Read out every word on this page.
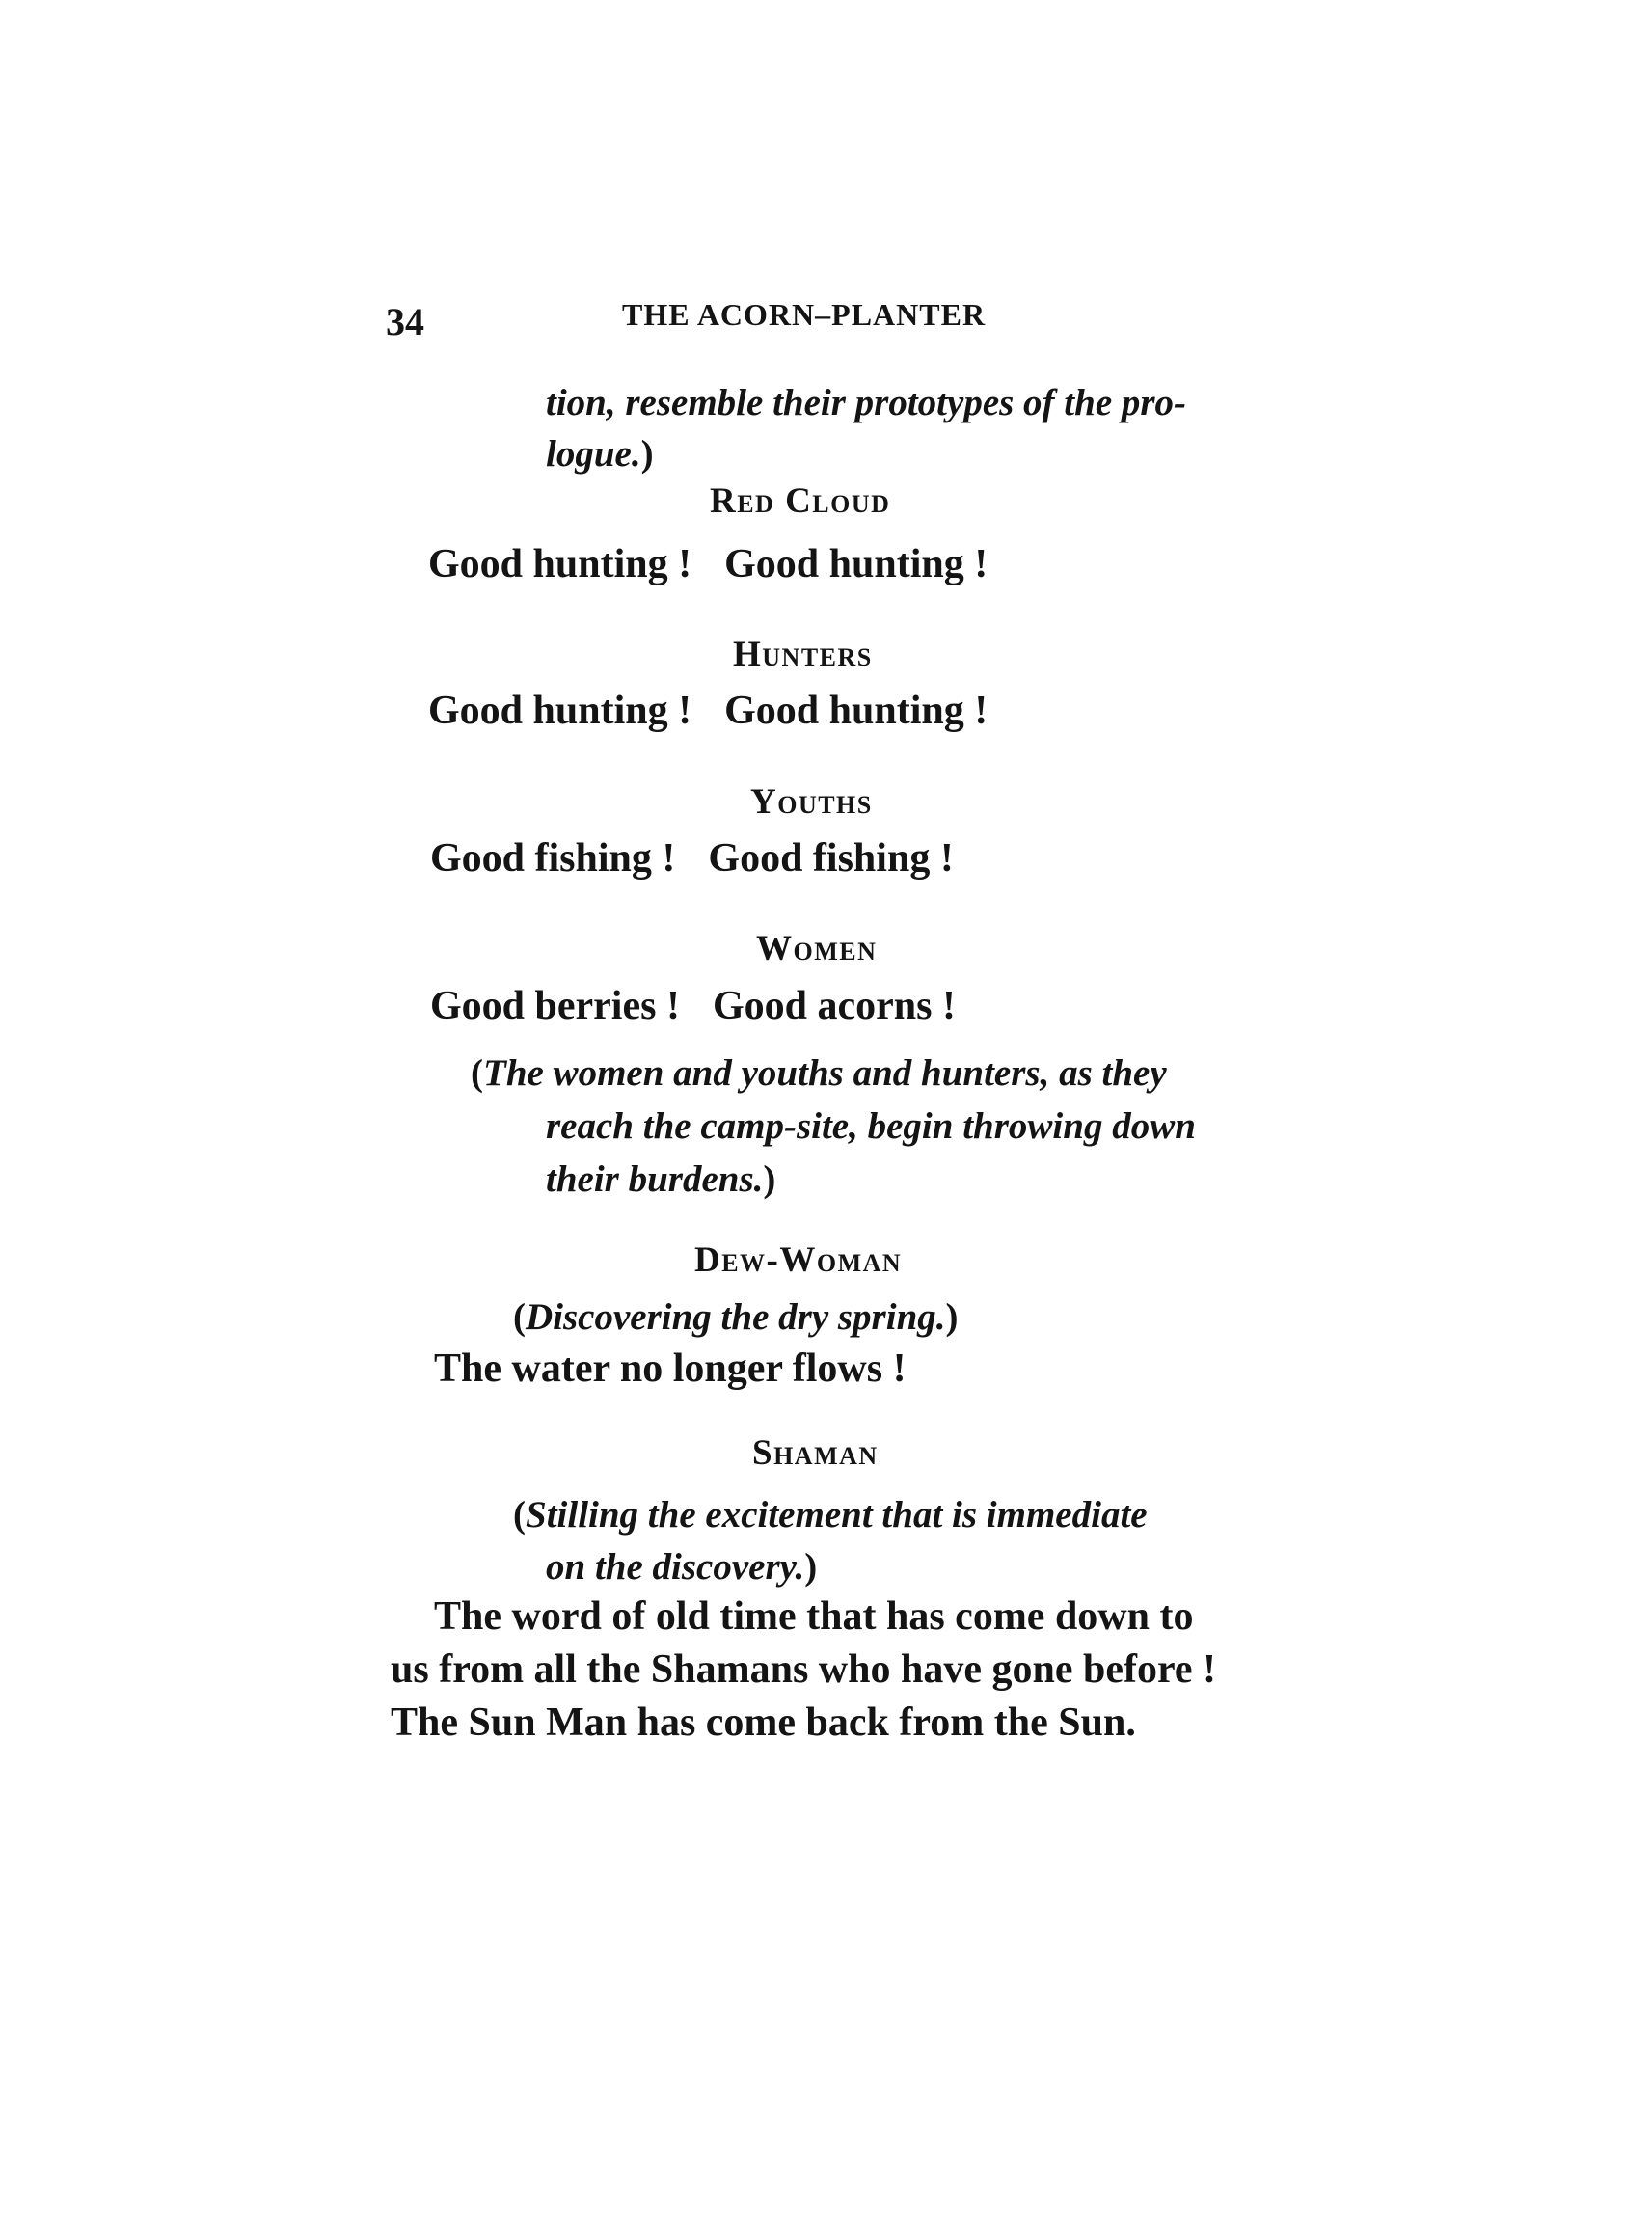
34	THE ACORN–PLANTER
tion, resemble their prototypes of the pro-
logue.)
Red Cloud
Good hunting ! Good hunting !
Hunters
Good hunting ! Good hunting !
Youths
Good fishing ! Good fishing !
Women
Good berries ! Good acorns !
(The women and youths and hunters, as they
reach the camp-site, begin throwing down
their burdens.)
Dew-Woman
(Discovering the dry spring.)
The water no longer flows !
Shaman
(Stilling the excitement that is immediate
on the discovery.)
The word of old time that has come down to
us from all the Shamans who have gone before !
The Sun Man has come back from the Sun.
